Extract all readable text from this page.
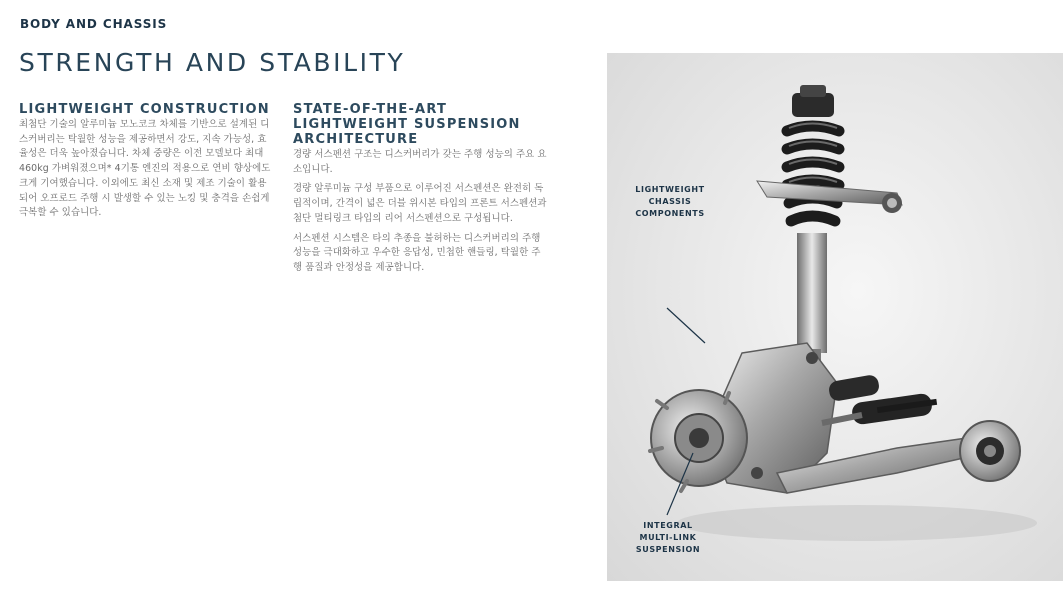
BODY AND CHASSIS
STRENGTH AND STABILITY
LIGHTWEIGHT CONSTRUCTION

최첨단 기술의 알루미늄 모노코크 차체를 기반으로 설계된 디스커버리는 탁월한 성능을 제공하면서 강도, 지속 가능성, 효율성은 더욱 높아졌습니다. 차체 중량은 이전 모델보다 최대 460kg 가벼워졌으며* 4기통 엔진의 적용으로 연비 향상에도 크게 기여했습니다. 이외에도 최신 소재 및 제조 기술이 활용되어 오프로드 주행 시 발생할 수 있는 노킹 및 충격을 손쉽게 극복할 수 있습니다.

STATE-OF-THE-ART
LIGHTWEIGHT SUSPENSION
ARCHITECTURE

경량 서스펜션 구조는 디스커버리가 갖는 주행 성능의 주요 요소입니다.

경량 알루미늄 구성 부품으로 이루어진 서스펜션은 완전히 독립적이며, 간격이 넓은 더블 위시본 타입의 프론트 서스펜션과 첨단 멀티링크 타입의 리어 서스펜션으로 구성됩니다.

서스펜션 시스템은 타의 추종을 불허하는 디스커버리의 주행 성능을 극대화하고 우수한 응답성, 민첩한 핸들링, 탁월한 주행 품질과 안정성을 제공합니다.

LIGHTWEIGHT
CHASSIS
COMPONENTS
INTEGRAL
MULTI-LINK
SUSPENSION
